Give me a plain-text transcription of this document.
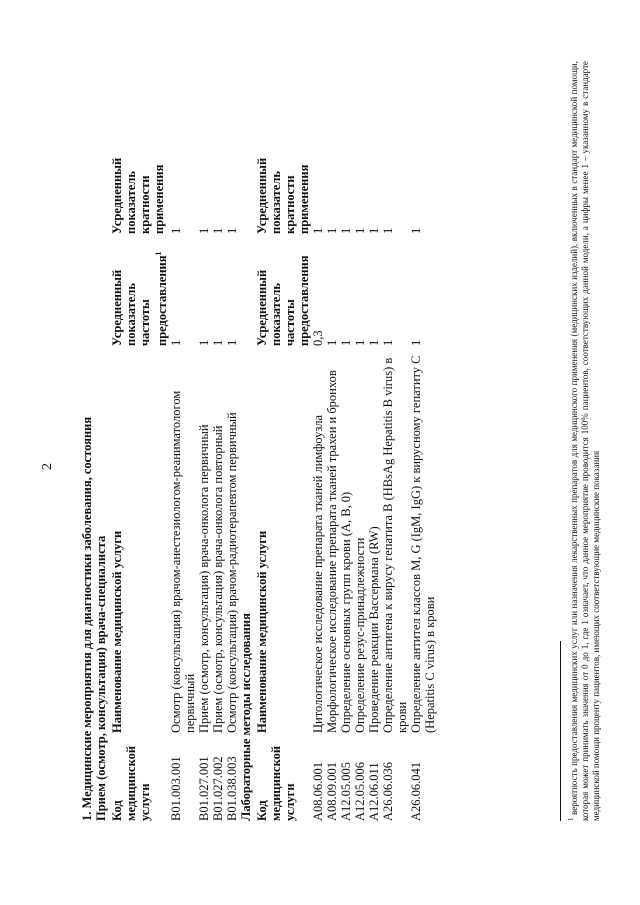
2 1. Медицинские мероприятия для диагностики заболевания, состояния Прием (осмотр, консультация) врача-специалиста Код медицинской услуги
Наименование медицинской услуги
Усредненный показатель частоты предоставления$^1$
Усредненный показатель кратности применения
B01.003.001
Осмотр (консультация) врачом-анестезиологом-реаниматологом первичный
1
1
B01.027.001
Прием (осмотр, консультация) врача-онколога первичный
1
1
B01.027.002
Прием (осмотр, консультация) врача-онколога повторный
1
1
B01.038.003
Осмотр (консультация) врачом-радиотерапевтом первичный
1
1
Лабораторные методы исследования Код медицинской услуги
Наименование медицинской услуги
Усредненный показатель частоты предоставления
Усредненный показатель кратности применения
A08.06.001
Цитологическое исследование препарата тканей лимфоузла
0,3
1
A08.09.001
Морфологическое исследование препарата тканей трахеи и бронхов
1
1
A12.05.005
Определение основных групп крови (A, B, 0)
1
1
A12.05.006
Определение резус-принадлежности
1
1
A12.06.011
Проведение реакции Вассермана (RW)
1
1
A26.06.036
Определение антигена к вирусу гепатита B (HBsAg Hepatitis B virus) в крови
1
1
A26.06.041
Определение антител классов M, G (IgM, IgG) к вирусному гепатиту C (Hepatitis C virus) в крови
1
1
$^1$ вероятность предоставления медицинских услуг или назначения лекарственных препаратов для медицинского применения (медицинских изделий), включенных в стандарт медицинской помощи, которая может принимать значения от 0 до 1, где 1 означает, что данное мероприятие проводится 100% пациентов, соответствующих данной модели, а цифры менее 1 – указанному в стандарте медицинской помощи проценту пациентов, имеющих соответствующие медицинские показания
